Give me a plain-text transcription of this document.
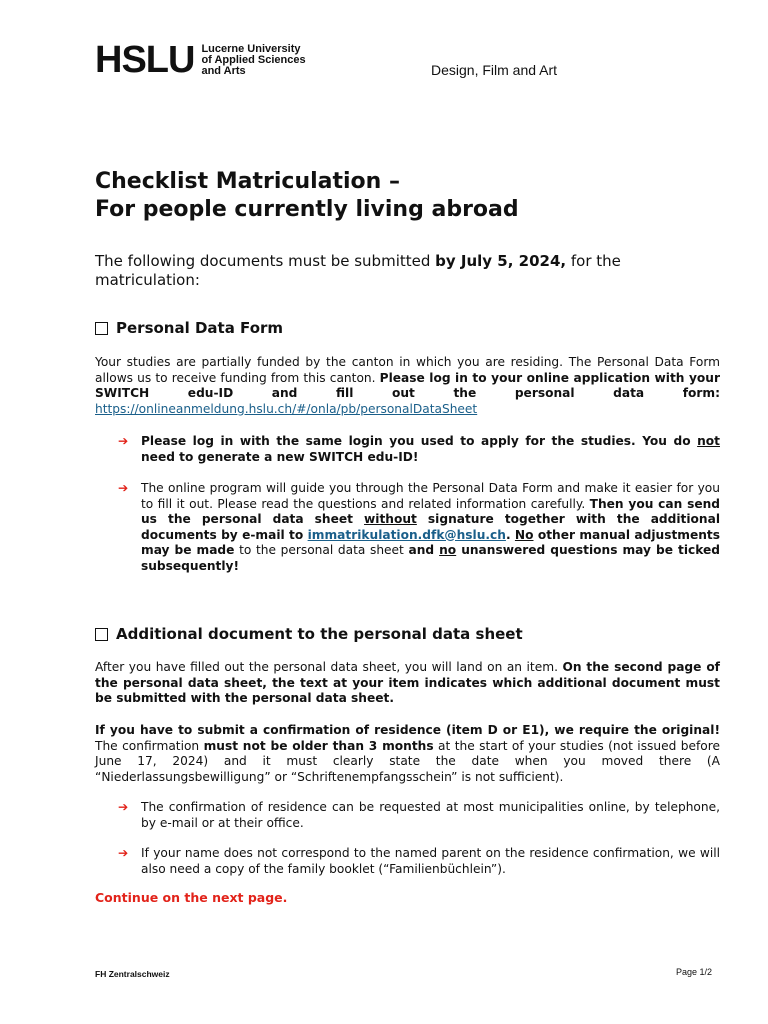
HSLU Lucerne University
of Applied Sciences
and Arts	Design, Film and Art
Checklist Matriculation –
For people currently living abroad

The following documents must be submitted by July 5, 2024, for the matriculation:

Personal Data Form

Your studies are partially funded by the canton in which you are residing. The Personal Data Form allows us to receive funding from this canton. Please log in to your online application with your SWITCH edu-ID and fill out the personal data form: https://onlineanmeldung.hslu.ch/#/onla/pb/personalDataSheet

➔ Please log in with the same login you used to apply for the studies. You do not need to generate a new SWITCH edu-ID!
➔ The online program will guide you through the Personal Data Form and make it easier for you to fill it out. Please read the questions and related information carefully. Then you can send us the personal data sheet without signature together with the additional documents by e-mail to immatrikulation.dfk@hslu.ch. No other manual adjustments may be made to the personal data sheet and no unanswered questions may be ticked subsequently!
Additional document to the personal data sheet

After you have filled out the personal data sheet, you will land on an item. On the second page of the personal data sheet, the text at your item indicates which additional document must be submitted with the personal data sheet.

If you have to submit a confirmation of residence (item D or E1), we require the original! The confirmation must not be older than 3 months at the start of your studies (not issued before June 17, 2024) and it must clearly state the date when you moved there (A “Niederlassungsbewilligung” or “Schriftenempfangsschein” is not sufficient).

➔ The confirmation of residence can be requested at most municipalities online, by telephone, by e-mail or at their office.
➔ If your name does not correspond to the named parent on the residence confirmation, we will also need a copy of the family booklet (“Familienbüchlein”).
Continue on the next page.
FH Zentralschweiz	Page 1/2
